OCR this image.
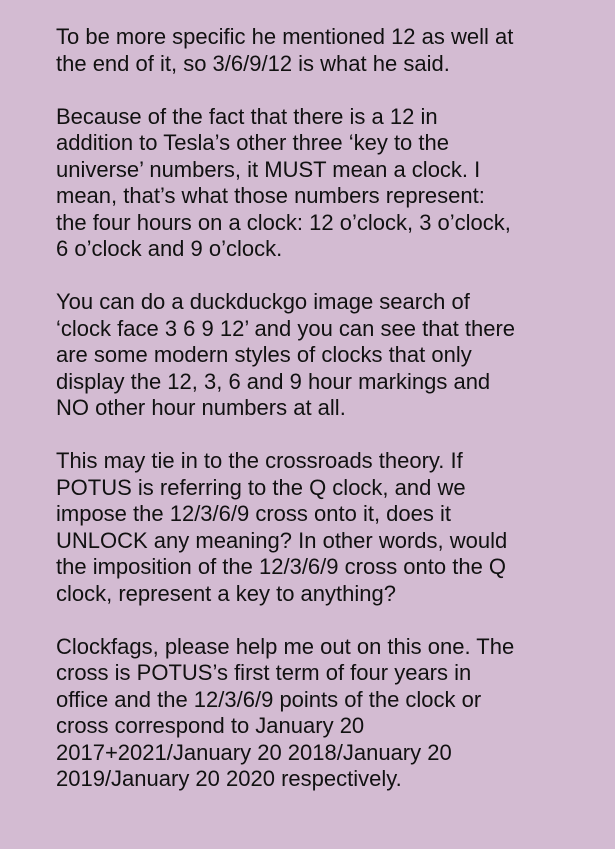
To be more specific he mentioned 12 as well at
the end of it, so 3/6/9/12 is what he said.

Because of the fact that there is a 12 in
addition to Tesla’s other three ‘key to the
universe’ numbers, it MUST mean a clock. I
mean, that’s what those numbers represent:
the four hours on a clock: 12 o’clock, 3 o’clock,
6 o’clock and 9 o’clock.

You can do a duckduckgo image search of
‘clock face 3 6 9 12’ and you can see that there
are some modern styles of clocks that only
display the 12, 3, 6 and 9 hour markings and
NO other hour numbers at all.

This may tie in to the crossroads theory. If
POTUS is referring to the Q clock, and we
impose the 12/3/6/9 cross onto it, does it
UNLOCK any meaning? In other words, would
the imposition of the 12/3/6/9 cross onto the Q
clock, represent a key to anything?

Clockfags, please help me out on this one. The
cross is POTUS’s first term of four years in
office and the 12/3/6/9 points of the clock or
cross correspond to January 20
2017+2021/January 20 2018/January 20
2019/January 20 2020 respectively.
